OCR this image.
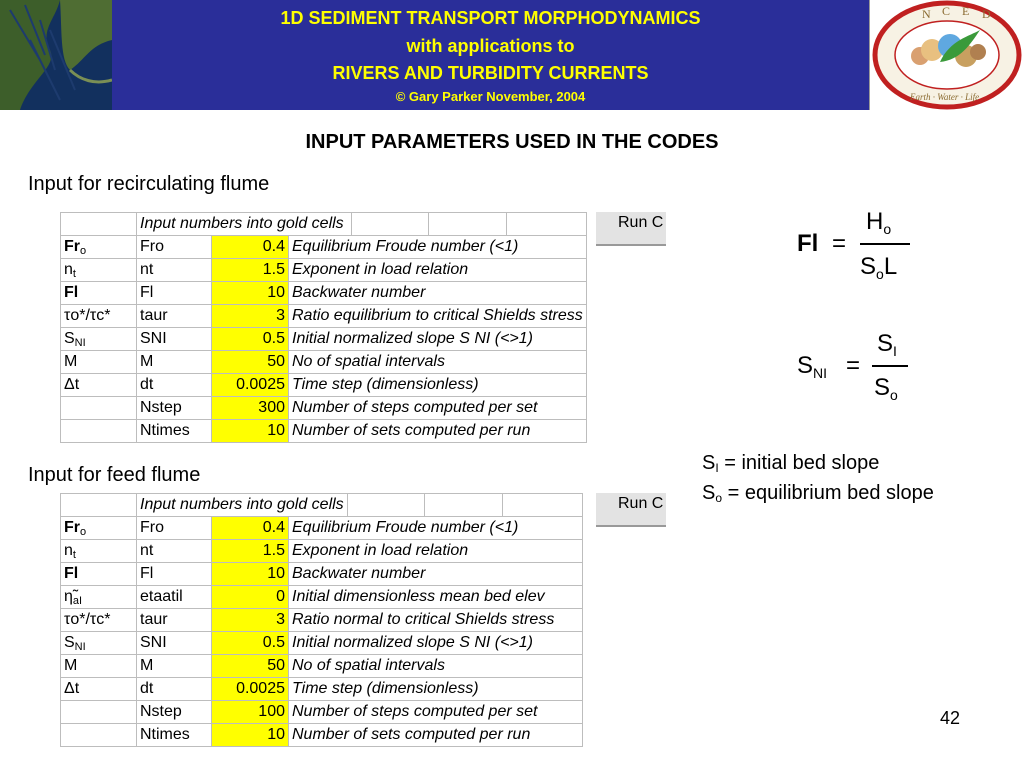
1D SEDIMENT TRANSPORT MORPHODYNAMICS
with applications to
RIVERS AND TURBIDITY CURRENTS
© Gary Parker November, 2004
N C E D
Earth · Water · Life
INPUT PARAMETERS USED IN THE CODES
Input for recirculating flume
	Input numbers into gold cells					
$Fr_o$	Fro	0.4	Equilibrium Froude number (<1)			
$n_t$	nt	1.5	Exponent in load relation			
Fl	Fl	10	Backwater number			
τo*/τc*	taur	3	Ratio equilibrium to critical Shields stress			
$S_{NI}$	SNI	0.5	Initial normalized slope S NI (<>1)			
M	M	50	No of spatial intervals			
Δt	dt	0.0025	Time step (dimensionless)			
	Nstep	300	Number of steps computed per set			
	Ntimes	10	Number of sets computed per run			
Run C
Input for feed flume
	Input numbers into gold cells					
$Fr_o$	Fro	0.4	Equilibrium Froude number (<1)			
$n_t$	nt	1.5	Exponent in load relation			
Fl	Fl	10	Backwater number			
$\etã_{aI}$	etaatil	0	Initial dimensionless mean bed elev			
τo*/τc*	taur	3	Ratio normal to critical Shields stress			
$S_{NI}$	SNI	0.5	Initial normalized slope S NI (<>1)			
M	M	50	No of spatial intervals			
Δt	dt	0.0025	Time step (dimensionless)			
	Nstep	100	Number of steps computed per set			
	Ntimes	10	Number of sets computed per run			
Run C
Fl =
$H_o$
$S_oL$
$S_{NI}$ =
$S_I$
$S_o$
$S_I$ = initial bed slope
$S_o$ = equilibrium bed slope
42
